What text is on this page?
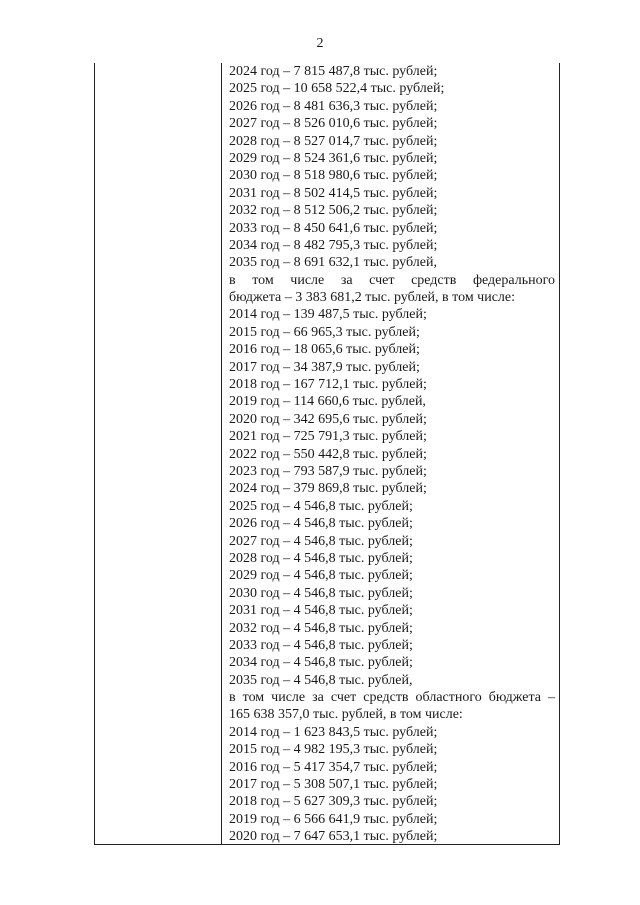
2
2024 год – 7 815 487,8 тыс. рублей;
2025 год – 10 658 522,4 тыс. рублей;
2026 год – 8 481 636,3 тыс. рублей;
2027 год – 8 526 010,6 тыс. рублей;
2028 год – 8 527 014,7 тыс. рублей;
2029 год – 8 524 361,6 тыс. рублей;
2030 год – 8 518 980,6 тыс. рублей;
2031 год – 8 502 414,5 тыс. рублей;
2032 год – 8 512 506,2 тыс. рублей;
2033 год – 8 450 641,6 тыс. рублей;
2034 год – 8 482 795,3 тыс. рублей;
2035 год – 8 691 632,1 тыс. рублей,
в том числе за счет средств федерального
бюджета – 3 383 681,2 тыс. рублей, в том числе:
2014 год – 139 487,5 тыс. рублей;
2015 год – 66 965,3 тыс. рублей;
2016 год – 18 065,6 тыс. рублей;
2017 год – 34 387,9 тыс. рублей;
2018 год – 167 712,1 тыс. рублей;
2019 год – 114 660,6 тыс. рублей,
2020 год – 342 695,6 тыс. рублей;
2021 год – 725 791,3 тыс. рублей;
2022 год – 550 442,8 тыс. рублей;
2023 год – 793 587,9 тыс. рублей;
2024 год – 379 869,8 тыс. рублей;
2025 год – 4 546,8 тыс. рублей;
2026 год – 4 546,8 тыс. рублей;
2027 год – 4 546,8 тыс. рублей;
2028 год – 4 546,8 тыс. рублей;
2029 год – 4 546,8 тыс. рублей;
2030 год – 4 546,8 тыс. рублей;
2031 год – 4 546,8 тыс. рублей;
2032 год – 4 546,8 тыс. рублей;
2033 год – 4 546,8 тыс. рублей;
2034 год – 4 546,8 тыс. рублей;
2035 год – 4 546,8 тыс. рублей,
в том числе за счет средств областного бюджета –
165 638 357,0 тыс. рублей, в том числе:
2014 год – 1 623 843,5 тыс. рублей;
2015 год – 4 982 195,3 тыс. рублей;
2016 год – 5 417 354,7 тыс. рублей;
2017 год – 5 308 507,1 тыс. рублей;
2018 год – 5 627 309,3 тыс. рублей;
2019 год – 6 566 641,9 тыс. рублей;
2020 год – 7 647 653,1 тыс. рублей;
